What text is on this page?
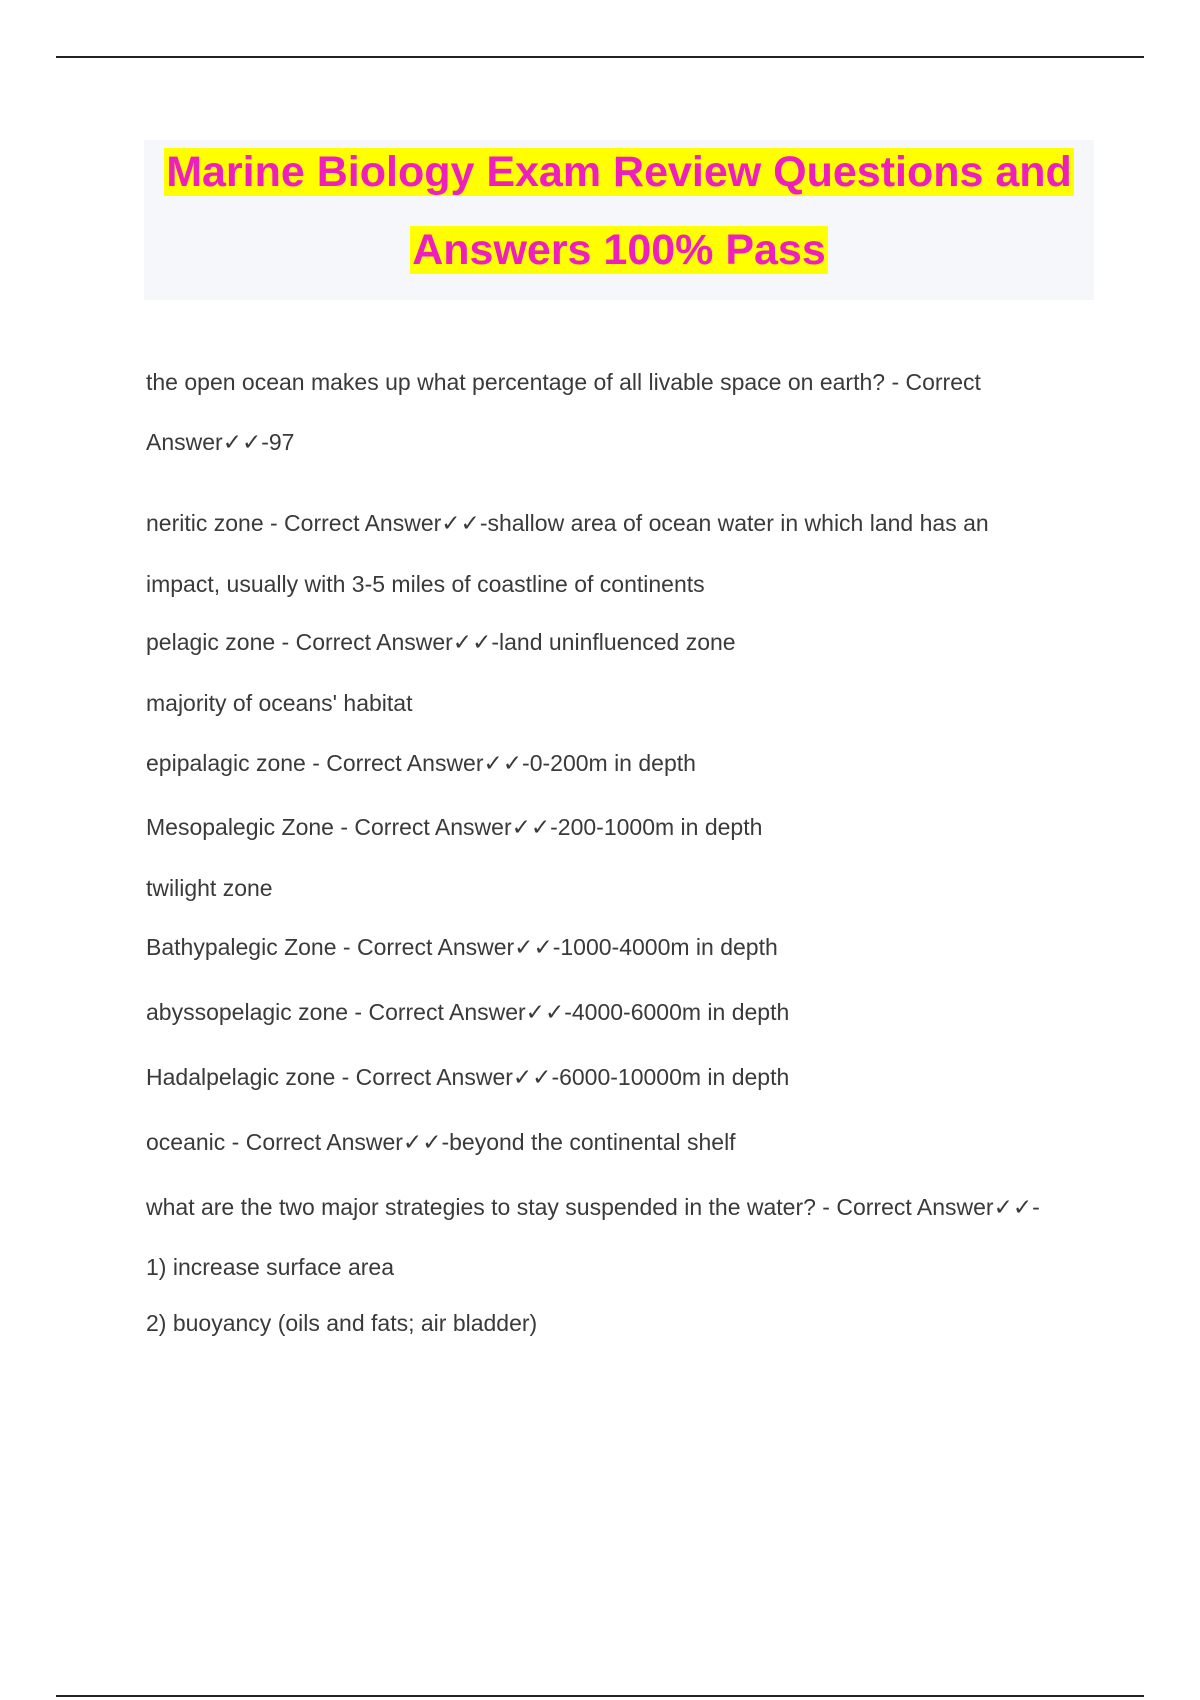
Marine Biology Exam Review Questions and
Answers 100% Pass
the open ocean makes up what percentage of all livable space on earth? - Correct
Answer✓✓-97
neritic zone - Correct Answer✓✓-shallow area of ocean water in which land has an
impact, usually with 3-5 miles of coastline of continents
pelagic zone - Correct Answer✓✓-land uninfluenced zone
majority of oceans' habitat
epipalagic zone - Correct Answer✓✓-0-200m in depth
Mesopalegic Zone - Correct Answer✓✓-200-1000m in depth
twilight zone
Bathypalegic Zone - Correct Answer✓✓-1000-4000m in depth
abyssopelagic zone - Correct Answer✓✓-4000-6000m in depth
Hadalpelagic zone - Correct Answer✓✓-6000-10000m in depth
oceanic - Correct Answer✓✓-beyond the continental shelf
what are the two major strategies to stay suspended in the water? - Correct Answer✓✓-
1) increase surface area
2) buoyancy (oils and fats; air bladder)
